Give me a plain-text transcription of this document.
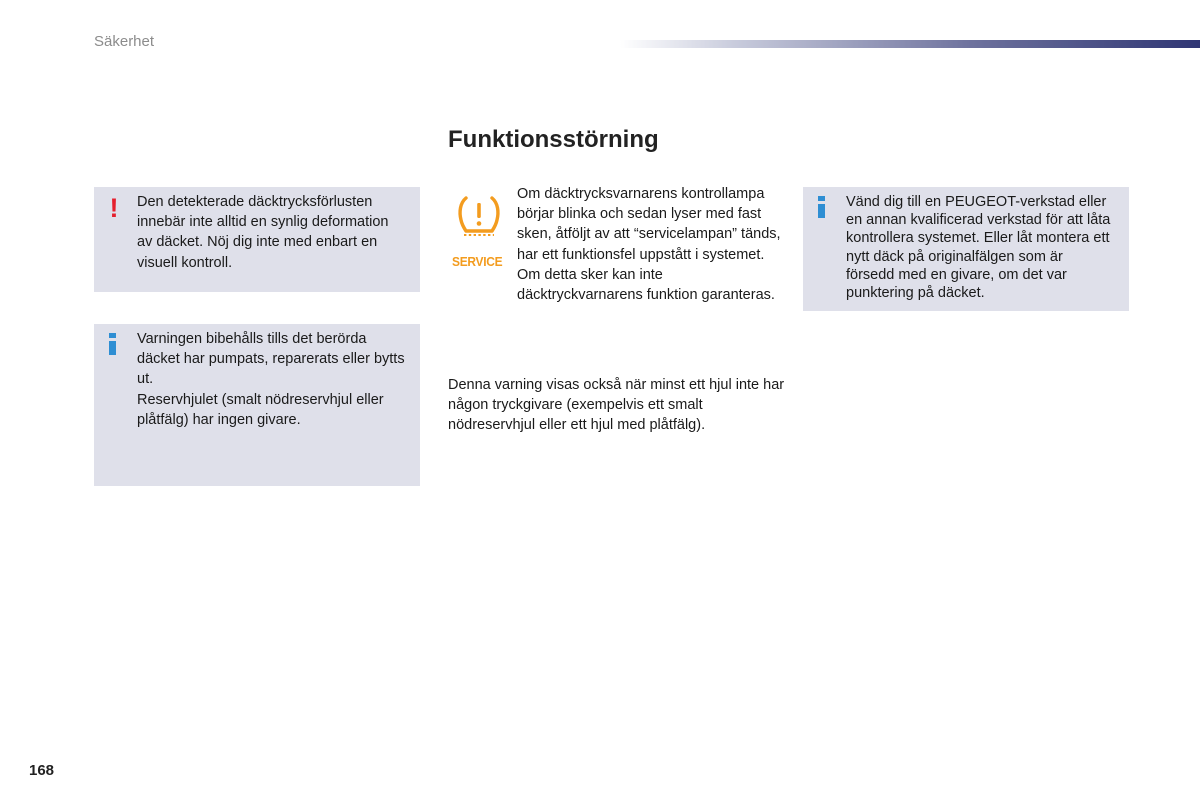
Säkerhet
Funktionsstörning
! Den detekterade däcktrycksförlusten innebär inte alltid en synlig deformation av däcket. Nöj dig inte med enbart en visuell kontroll.

Varningen bibehålls tills det berörda däcket har pumpats, reparerats eller bytts ut.

Reservhjulet (smalt nödreservhjul eller plåtfälg) har ingen givare.

SERVICE

Om däcktrycksvarnarens kontrollampa börjar blinka och sedan lyser med fast sken, åtföljt av att “servicelampan” tänds, har ett funktionsfel uppstått i systemet.
Om detta sker kan inte däcktryckvarnarens funktion garanteras.

Denna varning visas också när minst ett hjul inte har någon tryckgivare (exempelvis ett smalt nödreservhjul eller ett hjul med plåtfälg).

Vänd dig till en PEUGEOT-verkstad eller en annan kvalificerad verkstad för att låta kontrollera systemet. Eller låt montera ett nytt däck på originalfälgen som är försedd med en givare, om det var punktering på däcket.

168
